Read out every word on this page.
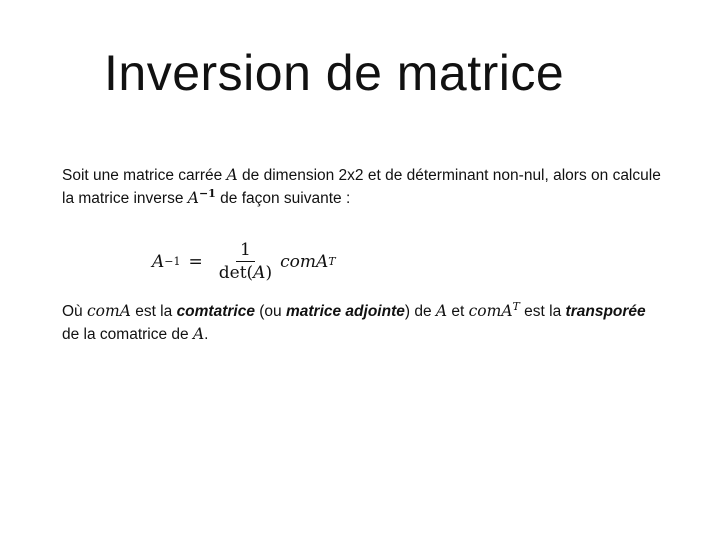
Inversion de matrice
Soit une matrice carrée A de dimension 2x2 et de déterminant non-nul, alors on calcule la matrice inverse $A^{-1}$ de façon suivante :
Où comA est la comtatrice (ou matrice adjointe) de A et comA$^T$ est la transporée de la comatrice de A.
$A -1 = \frac{1}{\det(A)}$ comA T
